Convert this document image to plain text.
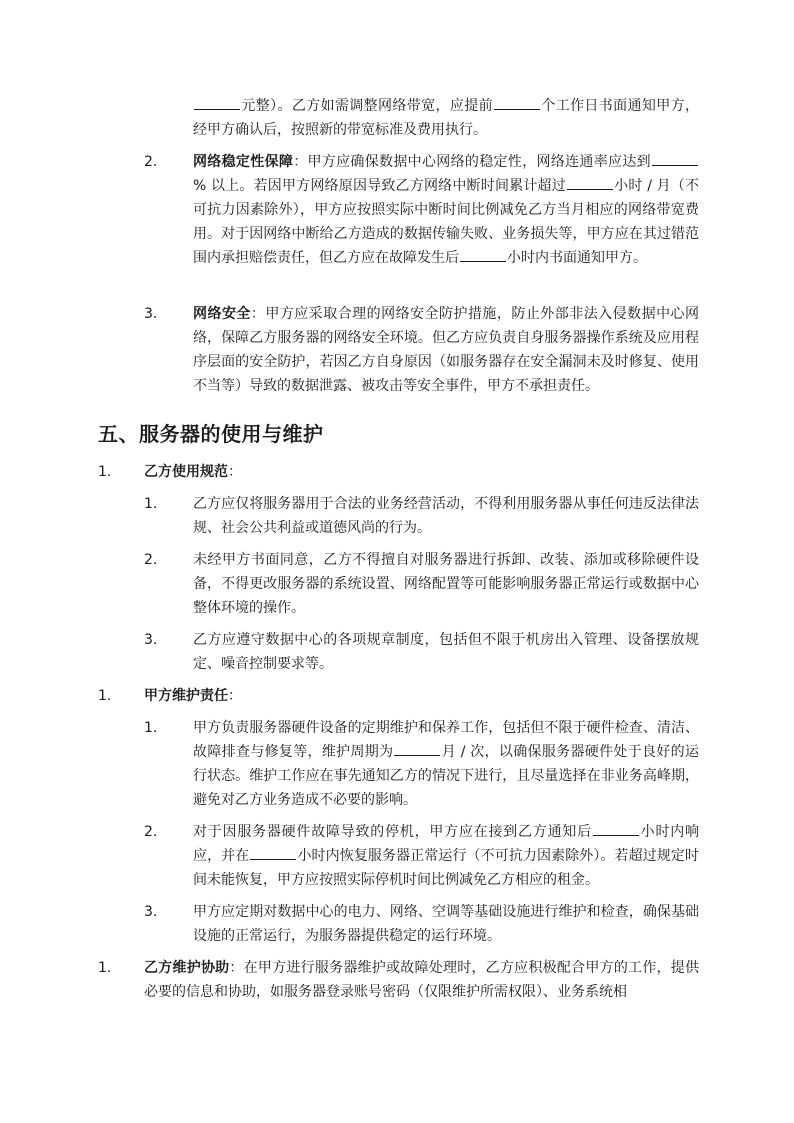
元整）。乙方如需调整网络带宽，应提前	个工作日书面通知甲方，经甲方确认后，按照新的带宽标准及费用执行。
2.	网络稳定性保障：甲方应确保数据中心网络的稳定性，网络连通率应达到% 以上。若因甲方网络原因导致乙方网络中断时间累计超过	小时 / 月（不可抗力因素除外），甲方应按照实际中断时间比例减免乙方当月相应的网络带宽费用。对于因网络中断给乙方造成的数据传输失败、业务损失等，甲方应在其过错范围内承担赔偿责任，但乙方应在故障发生后	小时内书面通知甲方。
3.	网络安全：甲方应采取合理的网络安全防护措施，防止外部非法入侵数据中心网络，保障乙方服务器的网络安全环境。但乙方应负责自身服务器操作系统及应用程序层面的安全防护，若因乙方自身原因（如服务器存在安全漏洞未及时修复、使用不当等）导致的数据泄露、被攻击等安全事件，甲方不承担责任。
五、服务器的使用与维护
1. 乙方使用规范：
1.	乙方应仅将服务器用于合法的业务经营活动，不得利用服务器从事任何违反法律法规、社会公共利益或道德风尚的行为。
2.	未经甲方书面同意，乙方不得擅自对服务器进行拆卸、改装、添加或移除硬件设备，不得更改服务器的系统设置、网络配置等可能影响服务器正常运行或数据中心整体环境的操作。
3.	乙方应遵守数据中心的各项规章制度，包括但不限于机房出入管理、设备摆放规定、噪音控制要求等。
1. 甲方维护责任：
1.	甲方负责服务器硬件设备的定期维护和保养工作，包括但不限于硬件检查、清洁、故障排查与修复等，维护周期为	月 / 次，以确保服务器硬件处于良好的运行状态。维护工作应在事先通知乙方的情况下进行，且尽量选择在非业务高峰期，避免对乙方业务造成不必要的影响。
2.	对于因服务器硬件故障导致的停机，甲方应在接到乙方通知后	小时内响应，并在	小时内恢复服务器正常运行（不可抗力因素除外）。若超过规定时间未能恢复，甲方应按照实际停机时间比例减免乙方相应的租金。
3.	甲方应定期对数据中心的电力、网络、空调等基础设施进行维护和检查，确保基础设施的正常运行，为服务器提供稳定的运行环境。
1. 乙方维护协助：在甲方进行服务器维护或故障处理时，乙方应积极配合甲方的工作，提供必要的信息和协助，如服务器登录账号密码（仅限维护所需权限）、业务系统相
